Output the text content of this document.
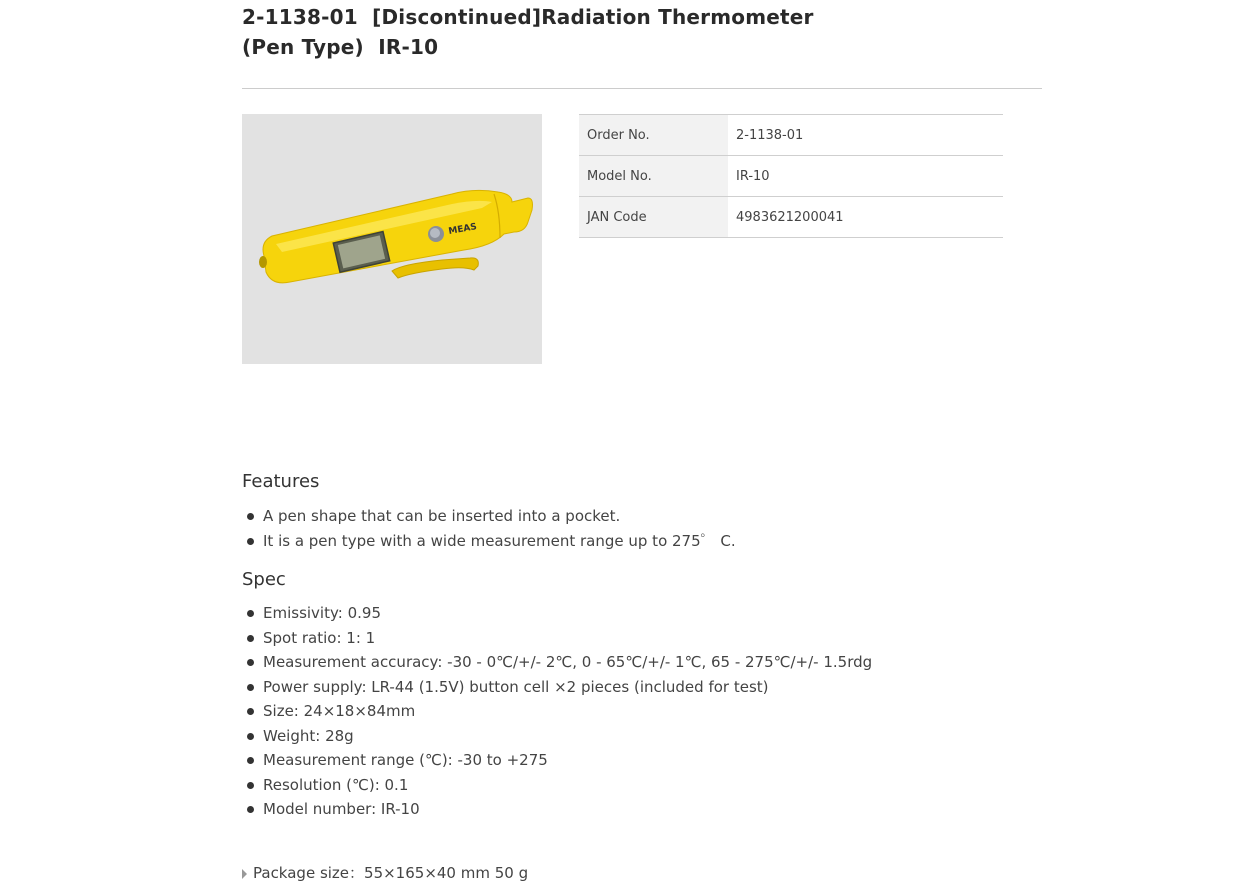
2-1138-01  [Discontinued]Radiation Thermometer
(Pen Type)  IR-10
MEAS
Order No.	2-1138-01
Model No.	IR-10
JAN Code	4983621200041
Features
A pen shape that can be inserted into a pocket.
It is a pen type with a wide measurement range up to 275゜ C.
Spec
Emissivity: 0.95
Spot ratio: 1: 1
Measurement accuracy: -30 - 0℃/+/- 2℃, 0 - 65℃/+/- 1℃, 65 - 275℃/+/- 1.5rdg
Power supply: LR-44 (1.5V) button cell ×2 pieces (included for test)
Size: 24×18×84mm
Weight: 28g
Measurement range (℃): -30 to +275
Resolution (℃): 0.1
Model number: IR-10
Package size：55×165×40 mm 50 g
